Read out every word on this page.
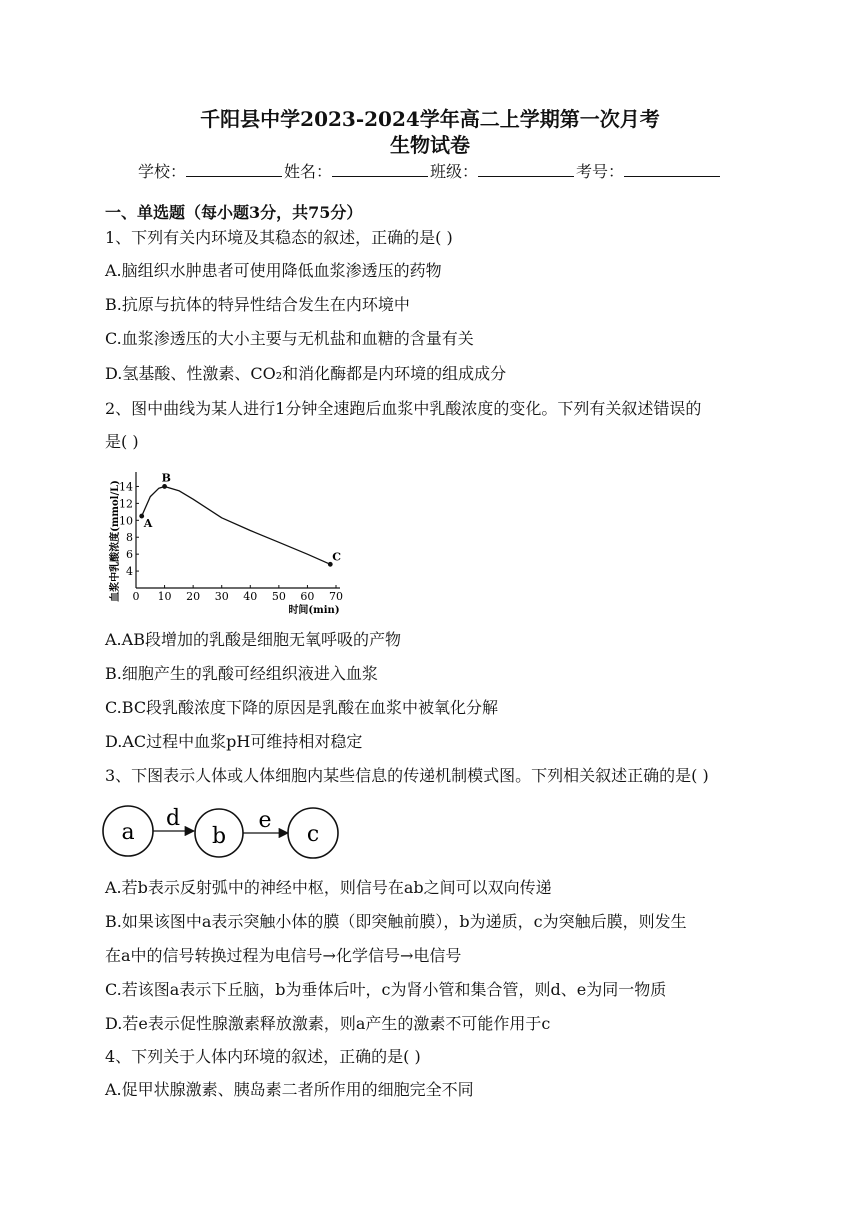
千阳县中学2023-2024学年高二上学期第一次月考
生物试卷
学校：	姓名：	班级：	考号：
一、单选题（每小题3分，共75分）
1、下列有关内环境及其稳态的叙述，正确的是( )
A.脑组织水肿患者可使用降低血浆渗透压的药物
B.抗原与抗体的特异性结合发生在内环境中
C.血浆渗透压的大小主要与无机盐和血糖的含量有关
D.氢基酸、性激素、CO₂和消化酶都是内环境的组成成分
2、图中曲线为某人进行1分钟全速跑后血浆中乳酸浓度的变化。下列有关叙述错误的
是( )
0 10 20 30 40 50 60 70
4
6
8
10
12
14
时间(min)
血浆中乳酸浓度(mmol/L) A
B
C
A.AB段增加的乳酸是细胞无氧呼吸的产物
B.细胞产生的乳酸可经组织液进入血浆
C.BC段乳酸浓度下降的原因是乳酸在血浆中被氧化分解
D.AC过程中血浆pH可维持相对稳定
3、下图表示人体或人体细胞内某些信息的传递机制模式图。下列相关叙述正确的是( )
a
d
b
e
c
A.若b表示反射弧中的神经中枢，则信号在ab之间可以双向传递
B.如果该图中a表示突触小体的膜（即突触前膜），b为递质，c为突触后膜，则发生
在a中的信号转换过程为电信号→化学信号→电信号
C.若该图a表示下丘脑，b为垂体后叶，c为肾小管和集合管，则d、e为同一物质
D.若e表示促性腺激素释放激素，则a产生的激素不可能作用于c
4、下列关于人体内环境的叙述，正确的是( )
A.促甲状腺激素、胰岛素二者所作用的细胞完全不同
